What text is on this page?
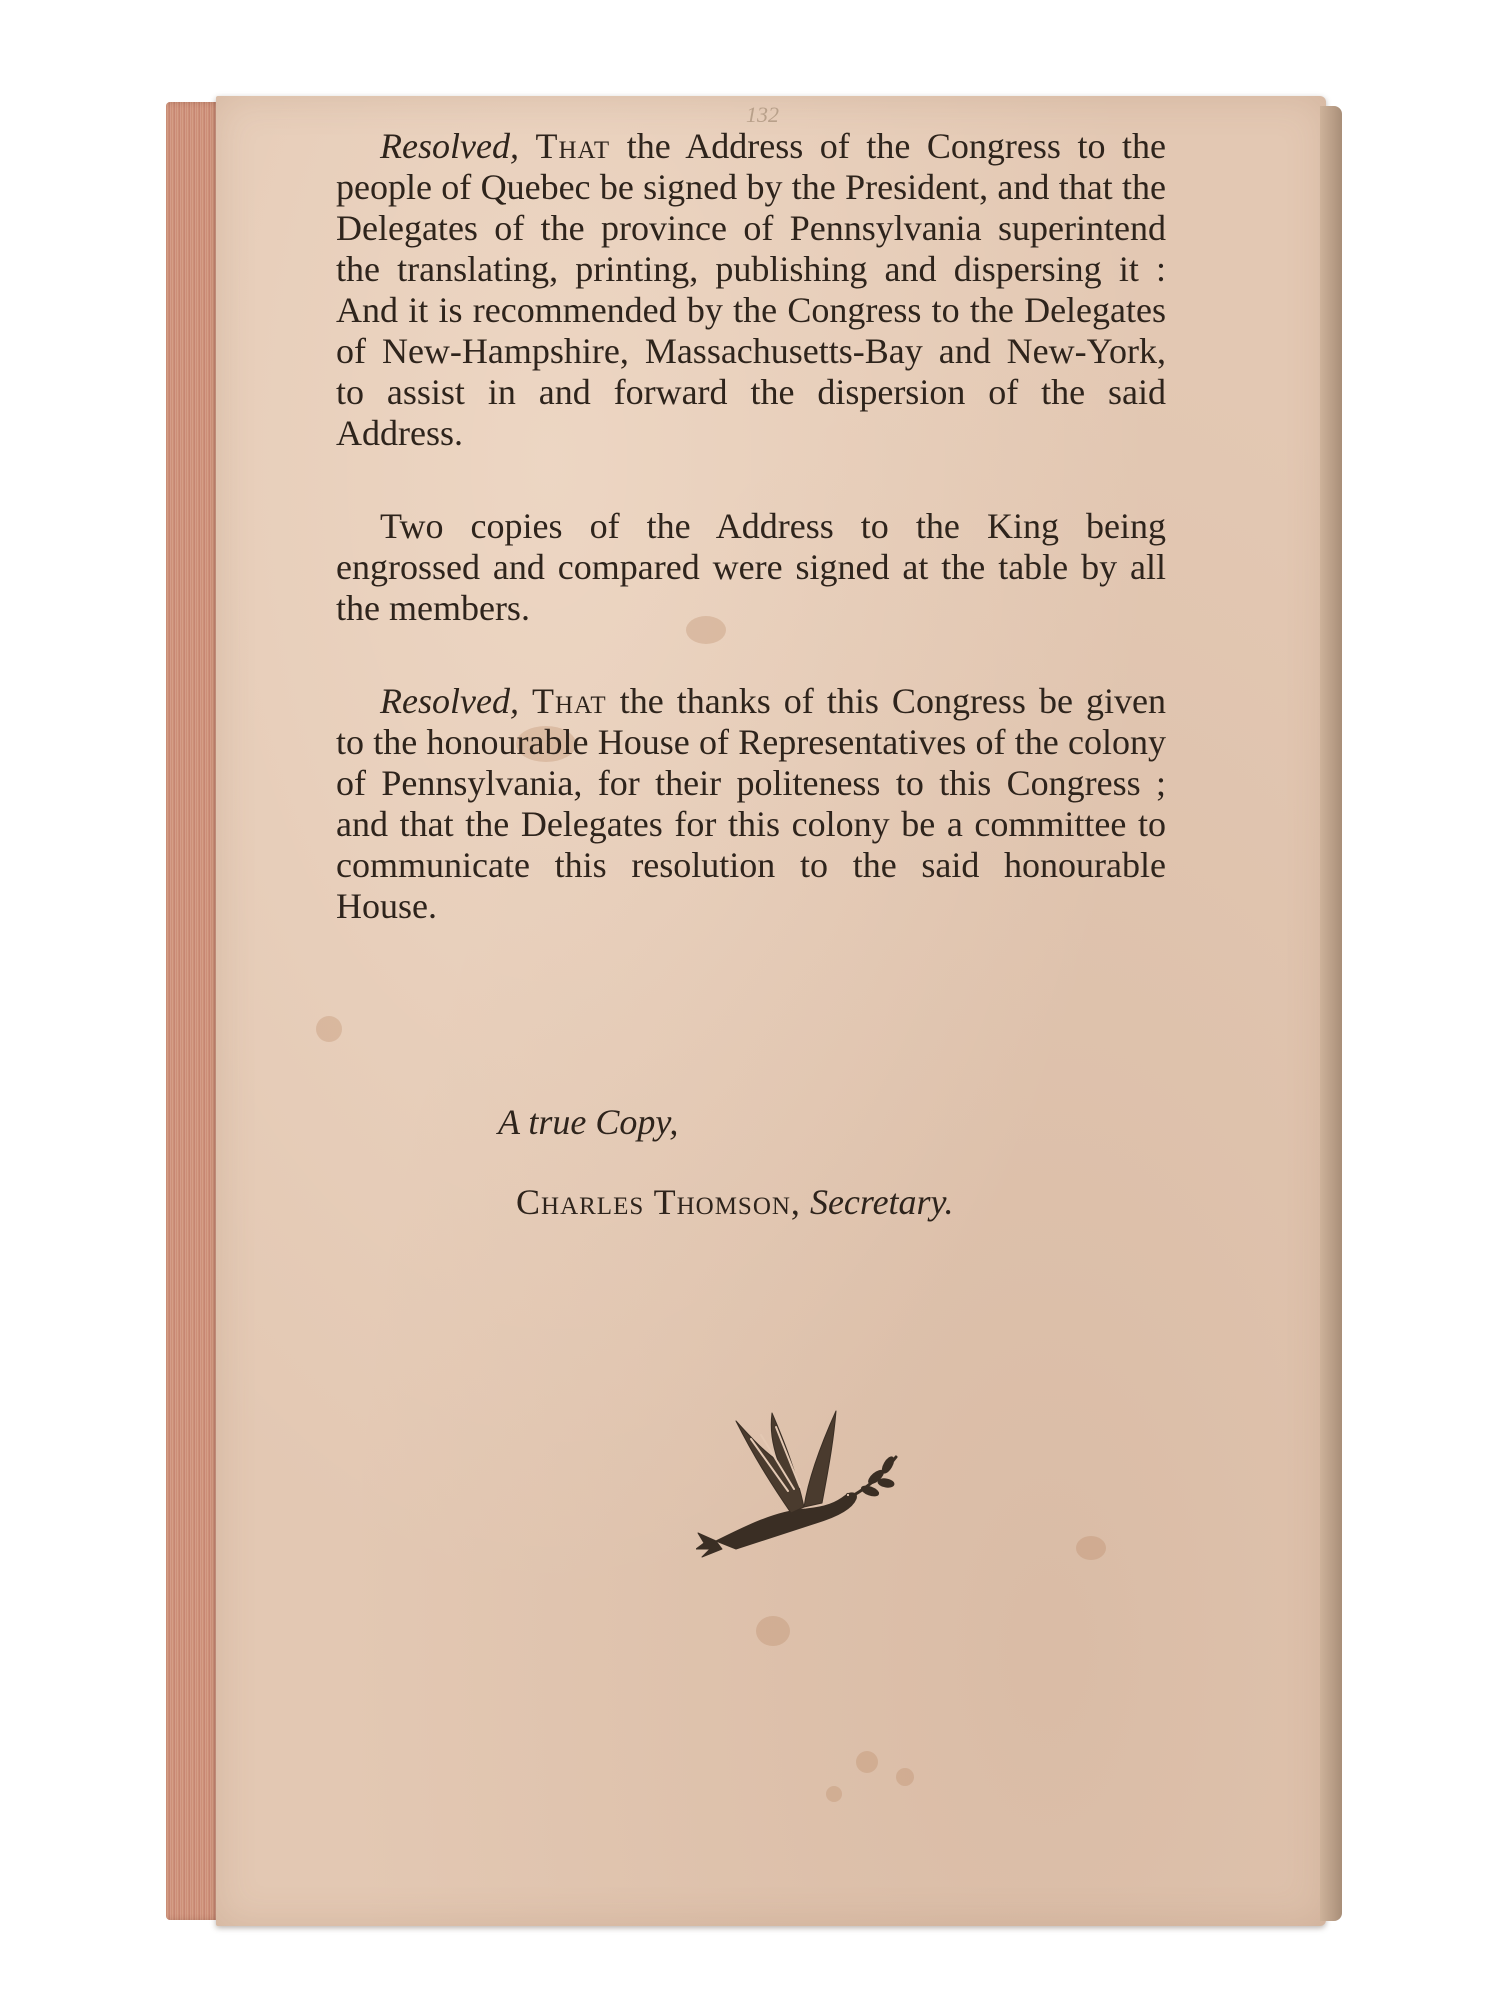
132

Resolved, That the Address of the Congress to the people of Quebec be signed by the President, and that the Delegates of the province of Pennsylvania superintend the translating, printing, publishing and dispersing it : And it is recommended by the Congress to the Delegates of New-Hampshire, Massachusetts-Bay and New-York, to assist in and forward the dispersion of the said Address.

Two copies of the Address to the King being engrossed and compared were signed at the table by all the members.

Resolved, That the thanks of this Congress be given to the honourable House of Representatives of the colony of Pennsylvania, for their politeness to this Congress ; and that the Delegates for this colony be a committee to communicate this resolution to the said honourable House.

A true Copy,
Charles Thomson, Secretary.
